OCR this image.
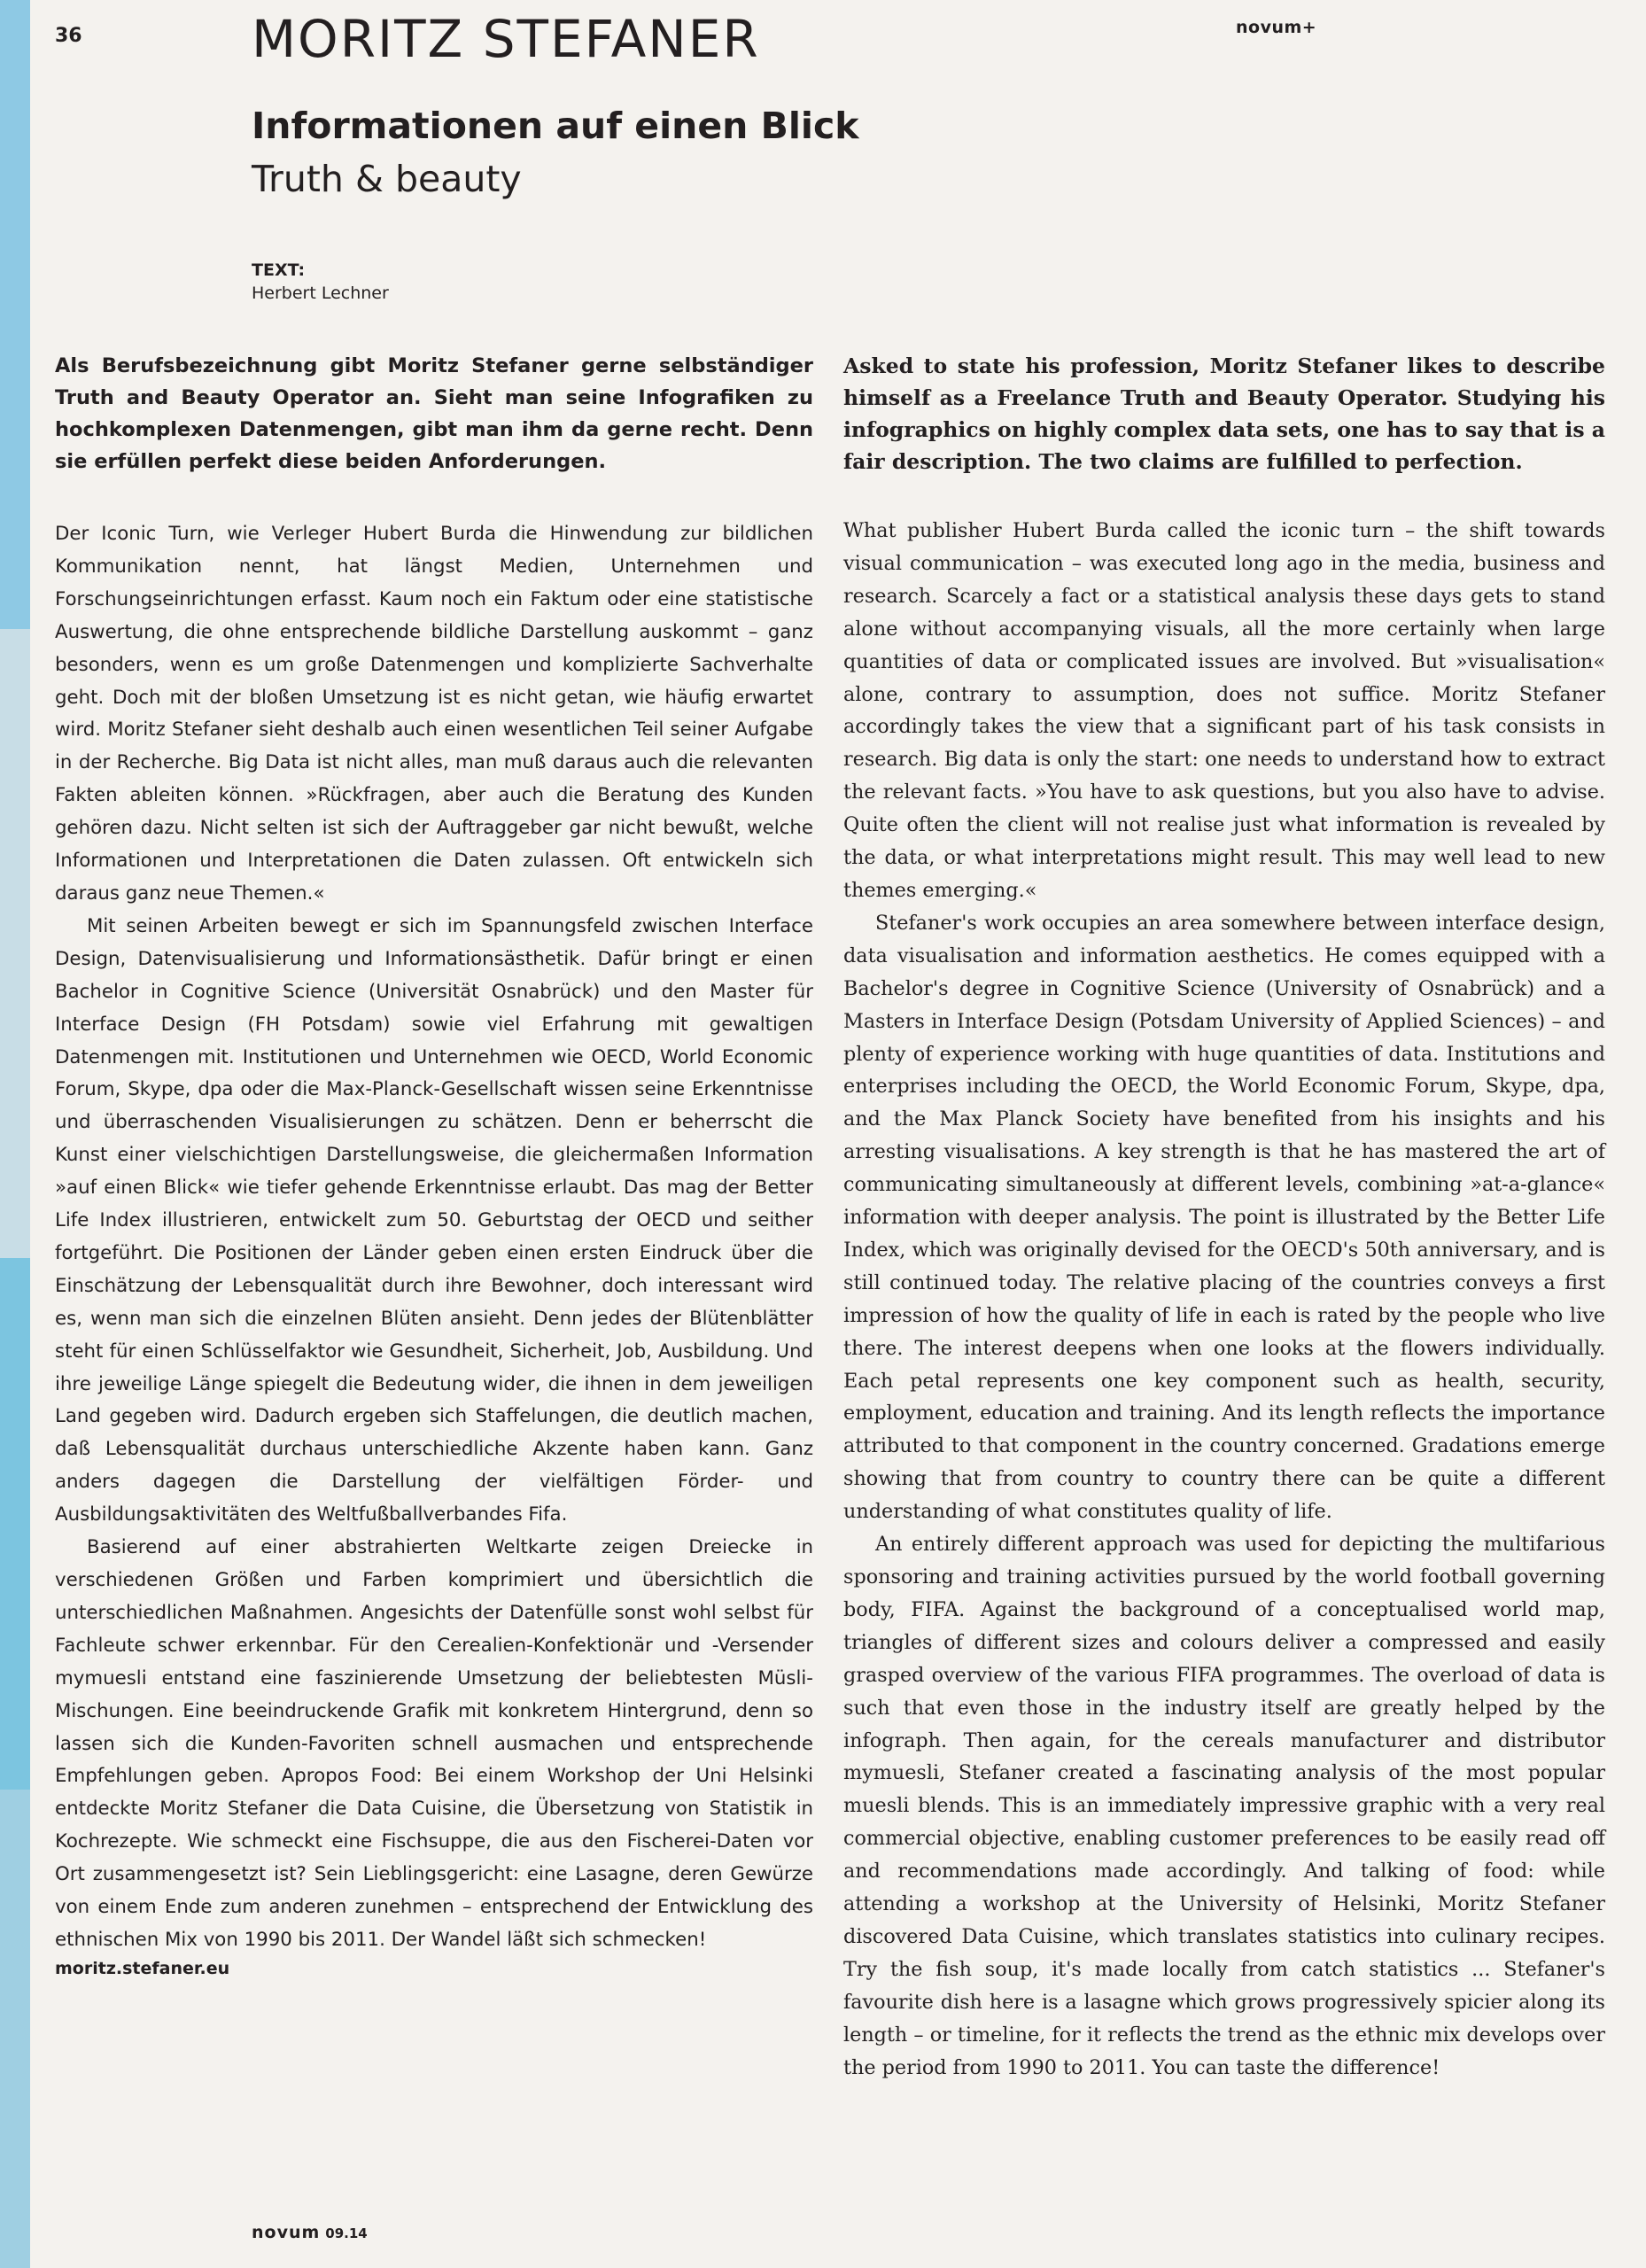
36	novum+
MORITZ STEFANER
Informationen auf einen Blick
Truth & beauty
TEXT:
Herbert Lechner

Als Berufsbezeichnung gibt Moritz Stefaner gerne selbständiger Truth and Beauty Operator an. Sieht man seine Infografiken zu hochkomplexen Datenmengen, gibt man ihm da gerne recht. Denn sie erfüllen perfekt diese beiden Anforderungen.

Der Iconic Turn, wie Verleger Hubert Burda die Hinwendung zur bildlichen Kommunikation nennt, hat längst Medien, Unternehmen und Forschungseinrichtungen erfasst. Kaum noch ein Faktum oder eine statistische Auswertung, die ohne entsprechende bildliche Darstellung auskommt – ganz besonders, wenn es um große Datenmengen und komplizierte Sachverhalte geht. Doch mit der bloßen Umsetzung ist es nicht getan, wie häufig erwartet wird. Moritz Stefaner sieht deshalb auch einen wesentlichen Teil seiner Aufgabe in der Recherche. Big Data ist nicht alles, man muß daraus auch die relevanten Fakten ableiten können. »Rückfragen, aber auch die Beratung des Kunden gehören dazu. Nicht selten ist sich der Auftraggeber gar nicht bewußt, welche Informationen und Interpretationen die Daten zulassen. Oft entwickeln sich daraus ganz neue Themen.«

Mit seinen Arbeiten bewegt er sich im Spannungsfeld zwischen Interface Design, Datenvisualisierung und Informationsästhetik. Dafür bringt er einen Bachelor in Cognitive Science (Universität Osnabrück) und den Master für Interface Design (FH Potsdam) sowie viel Erfahrung mit gewaltigen Datenmengen mit. Institutionen und Unternehmen wie OECD, World Economic Forum, Skype, dpa oder die Max-Planck-Gesellschaft wissen seine Erkenntnisse und überraschenden Visualisierungen zu schätzen. Denn er beherrscht die Kunst einer vielschichtigen Darstellungsweise, die gleichermaßen Information »auf einen Blick« wie tiefer gehende Erkenntnisse erlaubt. Das mag der Better Life Index illustrieren, entwickelt zum 50. Geburtstag der OECD und seither fortgeführt. Die Positionen der Länder geben einen ersten Eindruck über die Einschätzung der Lebensqualität durch ihre Bewohner, doch interessant wird es, wenn man sich die einzelnen Blüten ansieht. Denn jedes der Blütenblätter steht für einen Schlüsselfaktor wie Gesundheit, Sicherheit, Job, Ausbildung. Und ihre jeweilige Länge spiegelt die Bedeutung wider, die ihnen in dem jeweiligen Land gegeben wird. Dadurch ergeben sich Staffelungen, die deutlich machen, daß Lebensqualität durchaus unterschiedliche Akzente haben kann. Ganz anders dagegen die Darstellung der vielfältigen Förder- und Ausbildungsaktivitäten des Weltfußballverbandes Fifa.

Basierend auf einer abstrahierten Weltkarte zeigen Dreiecke in verschiedenen Größen und Farben komprimiert und übersichtlich die unterschiedlichen Maßnahmen. Angesichts der Datenfülle sonst wohl selbst für Fachleute schwer erkennbar. Für den Cerealien-Konfektionär und -Versender mymuesli entstand eine faszinierende Umsetzung der beliebtesten Müsli-Mischungen. Eine beeindruckende Grafik mit konkretem Hintergrund, denn so lassen sich die Kunden-Favoriten schnell ausmachen und entsprechende Empfehlungen geben. Apropos Food: Bei einem Workshop der Uni Helsinki entdeckte Moritz Stefaner die Data Cuisine, die Übersetzung von Statistik in Kochrezepte. Wie schmeckt eine Fischsuppe, die aus den Fischerei-Daten vor Ort zusammengesetzt ist? Sein Lieblingsgericht: eine Lasagne, deren Gewürze von einem Ende zum anderen zunehmen – entsprechend der Entwicklung des ethnischen Mix von 1990 bis 2011. Der Wandel läßt sich schmecken!

moritz.stefaner.eu

Asked to state his profession, Moritz Stefaner likes to describe himself as a Freelance Truth and Beauty Operator. Studying his infographics on highly complex data sets, one has to say that is a fair description. The two claims are fulfilled to perfection.

What publisher Hubert Burda called the iconic turn – the shift towards visual communication – was executed long ago in the media, business and research. Scarcely a fact or a statistical analysis these days gets to stand alone without accompanying visuals, all the more certainly when large quantities of data or complicated issues are involved. But »visualisation« alone, contrary to assumption, does not suffice. Moritz Stefaner accordingly takes the view that a significant part of his task consists in research. Big data is only the start: one needs to understand how to extract the relevant facts. »You have to ask questions, but you also have to advise. Quite often the client will not realise just what information is revealed by the data, or what interpretations might result. This may well lead to new themes emerging.«

Stefaner's work occupies an area somewhere between interface design, data visualisation and information aesthetics. He comes equipped with a Bachelor's degree in Cognitive Science (University of Osnabrück) and a Masters in Interface Design (Potsdam University of Applied Sciences) – and plenty of experience working with huge quantities of data. Institutions and enterprises including the OECD, the World Economic Forum, Skype, dpa, and the Max Planck Society have benefited from his insights and his arresting visualisations. A key strength is that he has mastered the art of communicating simultaneously at different levels, combining »at-a-glance« information with deeper analysis. The point is illustrated by the Better Life Index, which was originally devised for the OECD's 50th anniversary, and is still continued today. The relative placing of the countries conveys a first impression of how the quality of life in each is rated by the people who live there. The interest deepens when one looks at the flowers individually. Each petal represents one key component such as health, security, employment, education and training. And its length reflects the importance attributed to that component in the country concerned. Gradations emerge showing that from country to country there can be quite a different understanding of what constitutes quality of life.

An entirely different approach was used for depicting the multifarious sponsoring and training activities pursued by the world football governing body, FIFA. Against the background of a conceptualised world map, triangles of different sizes and colours deliver a compressed and easily grasped overview of the various FIFA programmes. The overload of data is such that even those in the industry itself are greatly helped by the infograph. Then again, for the cereals manufacturer and distributor mymuesli, Stefaner created a fascinating analysis of the most popular muesli blends. This is an immediately impressive graphic with a very real commercial objective, enabling customer preferences to be easily read off and recommendations made accordingly. And talking of food: while attending a workshop at the University of Helsinki, Moritz Stefaner discovered Data Cuisine, which translates statistics into culinary recipes. Try the fish soup, it's made locally from catch statistics ... Stefaner's favourite dish here is a lasagne which grows progressively spicier along its length – or timeline, for it reflects the trend as the ethnic mix develops over the period from 1990 to 2011. You can taste the difference!

novum 09.14
